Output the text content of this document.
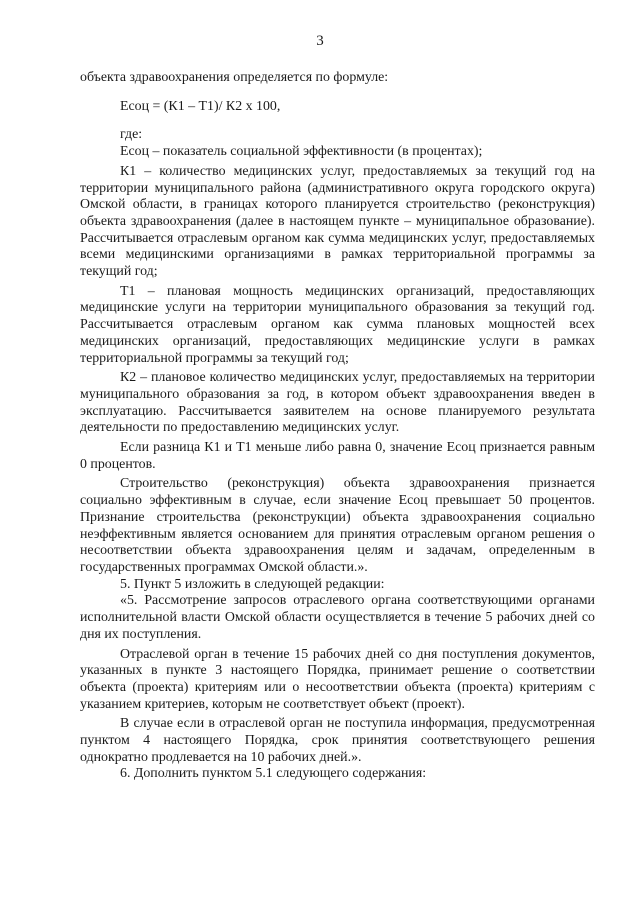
3

объекта здравоохранения определяется по формуле:

Есоц = (К1 – Т1)/ К2 х 100,

где:

Есоц – показатель социальной эффективности (в процентах);

К1 – количество медицинских услуг, предоставляемых за текущий год на территории муниципального района (административного округа городского округа) Омской области, в границах которого планируется строительство (реконструкция) объекта здравоохранения (далее в настоящем пункте – муниципальное образование). Рассчитывается отраслевым органом как сумма медицинских услуг, предоставляемых всеми медицинскими организациями в рамках территориальной программы за текущий год;

Т1 – плановая мощность медицинских организаций, предоставляющих медицинские услуги на территории муниципального образования за текущий год. Рассчитывается отраслевым органом как сумма плановых мощностей всех медицинских организаций, предоставляющих медицинские услуги в рамках территориальной программы за текущий год;

К2 – плановое количество медицинских услуг, предоставляемых на территории муниципального образования за год, в котором объект здравоохранения введен в эксплуатацию. Рассчитывается заявителем на основе планируемого результата деятельности по предоставлению медицинских услуг.

Если разница К1 и Т1 меньше либо равна 0, значение Есоц признается равным 0 процентов.

Строительство (реконструкция) объекта здравоохранения признается социально эффективным в случае, если значение Есоц превышает 50 процентов. Признание строительства (реконструкции) объекта здравоохранения социально неэффективным является основанием для принятия отраслевым органом решения о несоответствии объекта здравоохранения целям и задачам, определенным в государственных программах Омской области.».

5. Пункт 5 изложить в следующей редакции:

«5. Рассмотрение запросов отраслевого органа соответствующими органами исполнительной власти Омской области осуществляется в течение 5 рабочих дней со дня их поступления.

Отраслевой орган в течение 15 рабочих дней со дня поступления документов, указанных в пункте 3 настоящего Порядка, принимает решение о соответствии объекта (проекта) критериям или о несоответствии объекта (проекта) критериям с указанием критериев, которым не соответствует объект (проект).

В случае если в отраслевой орган не поступила информация, предусмотренная пунктом 4 настоящего Порядка, срок принятия соответствующего решения однократно продлевается на 10 рабочих дней.».

6. Дополнить пунктом 5.1 следующего содержания:
